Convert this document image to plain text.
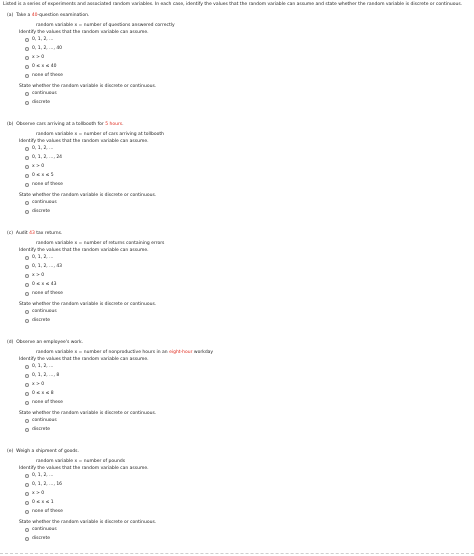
Listed is a series of experiments and associated random variables. In each case, identify the values that the random variable can assume and state whether the random variable is discrete or continuous.
(a) Take a 40-question examination.
random variable x = number of questions answered correctly
Identify the values that the random variable can assume.
0, 1, 2, ...
0, 1, 2, ..., 40
x > 0
0 ≤ x ≤ 40
none of these
State whether the random variable is discrete or continuous.
continuous
discrete
(b) Observe cars arriving at a tollbooth for 5 hours.
random variable x = number of cars arriving at tollbooth
Identify the values that the random variable can assume.
0, 1, 2, ...
0, 1, 2, ..., 24
x > 0
0 ≤ x ≤ 5
none of these
State whether the random variable is discrete or continuous.
continuous
discrete
(c) Audit 43 tax returns.
random variable x = number of returns containing errors
Identify the values that the random variable can assume.
0, 1, 2, ...
0, 1, 2, ..., 43
x > 0
0 ≤ x ≤ 43
none of these
State whether the random variable is discrete or continuous.
continuous
discrete
(d) Observe an employee's work.
random variable x = number of nonproductive hours in an eight-hour workday
Identify the values that the random variable can assume.
0, 1, 2, ...
0, 1, 2, ..., 8
x > 0
0 ≤ x ≤ 8
none of these
State whether the random variable is discrete or continuous.
continuous
discrete
(e) Weigh a shipment of goods.
random variable x = number of pounds
Identify the values that the random variable can assume.
0, 1, 2, ...
0, 1, 2, ..., 16
x > 0
0 ≤ x ≤ 1
none of these
State whether the random variable is discrete or continuous.
continuous
discrete
